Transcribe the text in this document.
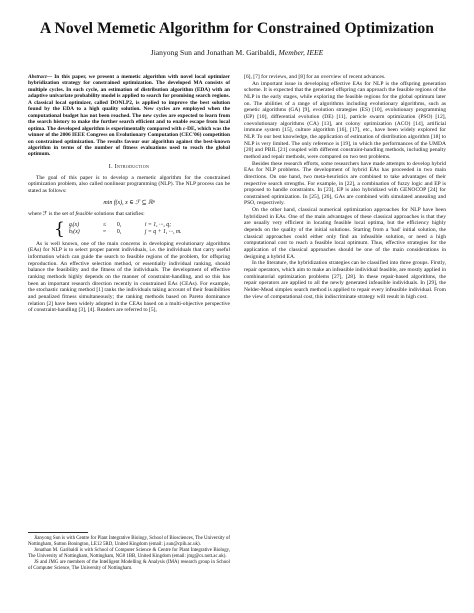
A Novel Memetic Algorithm for Constrained Optimization
Jianyong Sun and Jonathan M. Garibaldi, Member, IEEE
Abstract— In this paper, we present a memetic algorithm with novel local optimizer hybridization strategy for constrained optimization. The developed MA consists of multiple cycles. In each cycle, an estimation of distribution algorithm (EDA) with an adaptive univariate probability model is applied to search for promising search regions. A classical local optimizer, called DONLP2, is applied to improve the best solution found by the EDA to a high quality solution. New cycles are employed when the computational budget has not been reached. The new cycles are expected to learn from the search history to make the further search efficient and to enable escape from local optima. The developed algorithm is experimentally compared with ε-DE, which was the winner of the 2006 IEEE Congress on Evolutionary Computation (CEC'06) competition on constrained optimization. The results favour our algorithm against the best-known algorithm in terms of the number of fitness evaluations used to reach the global optimum.
I. Introduction

The goal of this paper is to develop a memetic algorithm for the constrained optimization problem, also called nonlinear programming (NLP). The NLP process can be stated as follows:

min f(x), x ∈ ℱ ⊆ ℝⁿ

where ℱ is the set of feasible solutions that satisfies:

{ gᵢ(x)	≤	0,	i = 1, ···, q;
hⱼ(x)	=	0,	j = q + 1, ···, m.

As is well known, one of the main concerns in developing evolutionary algorithms (EAs) for NLP is to select proper parent individuals, i.e. the individuals that carry useful information which can guide the search to feasible regions of the problem, for offspring reproduction. An effective selection method, or essentially individual ranking, should balance the feasibility and the fitness of the individuals. The development of effective ranking methods highly depends on the manner of constraint-handling, and so this has been an important research direction recently in constrained EAs (CEAs). For example, the stochastic ranking method [1] ranks the individuals taking account of their feasibilities and penalized fitness simultaneously; the ranking methods based on Pareto dominance relation [2] have been widely adopted in the CEAs based on a multi-objective perspective of constraint-handling [3], [4]. Readers are referred to [5],

Jianyong Sun is with Centre for Plant Integrative Biology, School of Biosciences, The University of Nottingham, Sutton Bonington, LE12 5RD, United Kingdom (email: j.sun@cpib.ac.uk).

Jonathan M. Garibaldi is with School of Computer Science & Centre for Plant Integrative Biology, The University of Nottingham, Nottingham, NG8 1BB, United Kingdom (email: jmg@cs.nott.ac.uk).

JS and JMG are members of the Intelligent Modelling & Analysis (IMA) research group in School of Computer Science, The University of Nottingham.

[6], [7] for reviews, and [8] for an overview of recent advances.

An important issue in developing effective EAs for NLP is the offspring generation scheme. It is expected that the generated offspring can approach the feasible regions of the NLP in the early stages, while exploring the feasible regions for the global optimum later on. The abilities of a range of algorithms including evolutionary algorithms, such as genetic algorithms (GA) [9], evolution strategies (ES) [10], evolutionary programming (EP) [10], differential evolution (DE) [11], particle swarm optimization (PSO) [12], coevolutionary algorithms (CA) [13], ant colony optimization (ACO) [14], artificial immune system [15], culture algorithm [16], [17], etc., have been widely explored for NLP. To our best knowledge, the application of estimation of distribution algorithm [18] to NLP is very limited. The only reference is [19], in which the performances of the UMDA [20] and PBIL [21] coupled with different constraint-handling methods, including penalty method and repair methods, were compared on two test problems.

Besides these research efforts, some researchers have made attempts to develop hybrid EAs for NLP problems. The development of hybrid EAs has proceeded in two main directions. On one hand, two meta-heuristics are combined to take advantages of their respective search strengths. For example, in [22], a combination of fuzzy logic and EP is proposed to handle constraints. In [23], EP is also hybridized with GENOCOP [24] for constrained optimization. In [25], [26], GAs are combined with simulated annealing and PSO, respectively.

On the other hand, classical numerical optimization approaches for NLP have been hybridized in EAs. One of the main advantages of these classical approaches is that they are usually very efficient in locating feasible local optima, but the efficiency highly depends on the quality of the initial solutions. Starting from a 'bad' initial solution, the classical approaches could either only find an infeasible solution, or need a high computational cost to reach a feasible local optimum. Thus, effective strategies for the application of the classical approaches should be one of the main considerations in designing a hybrid EA.

In the literature, the hybridization strategies can be classified into three groups. Firstly, repair operators, which aim to make an infeasible individual feasible, are mostly applied in combinatorial optimization problems [27], [28]. In these repair-based algorithms, the repair operators are applied to all the newly generated infeasible individuals. In [29], the Nelder-Mead simplex search method is applied to repair every infeasible individual. From the view of computational cost, this indiscriminate strategy will result in high cost.
